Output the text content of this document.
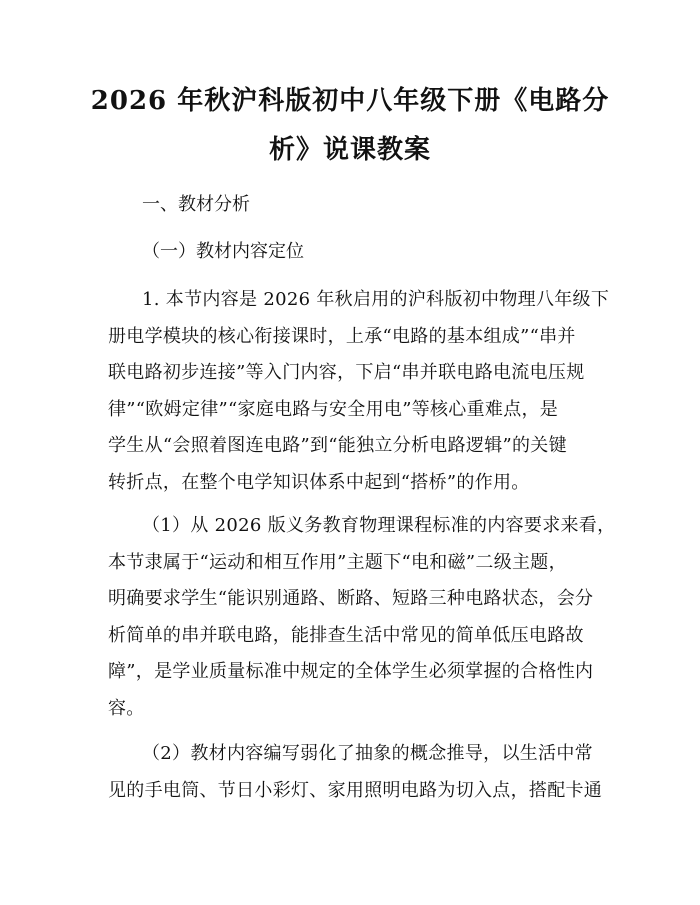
2026 年秋沪科版初中八年级下册《电路分
析》说课教案
一、教材分析
（一）教材内容定位
1. 本节内容是 2026 年秋启用的沪科版初中物理八年级下
册电学模块的核心衔接课时，上承“电路的基本组成”“串并
联电路初步连接”等入门内容，下启“串并联电路电流电压规
律”“欧姆定律”“家庭电路与安全用电”等核心重难点，是
学生从“会照着图连电路”到“能独立分析电路逻辑”的关键
转折点，在整个电学知识体系中起到“搭桥”的作用。
（1）从 2026 版义务教育物理课程标准的内容要求来看，
本节隶属于“运动和相互作用”主题下“电和磁”二级主题，
明确要求学生“能识别通路、断路、短路三种电路状态，会分
析简单的串并联电路，能排查生活中常见的简单低压电路故
障”，是学业质量标准中规定的全体学生必须掌握的合格性内
容。
（2）教材内容编写弱化了抽象的概念推导，以生活中常
见的手电筒、节日小彩灯、家用照明电路为切入点，搭配卡通
